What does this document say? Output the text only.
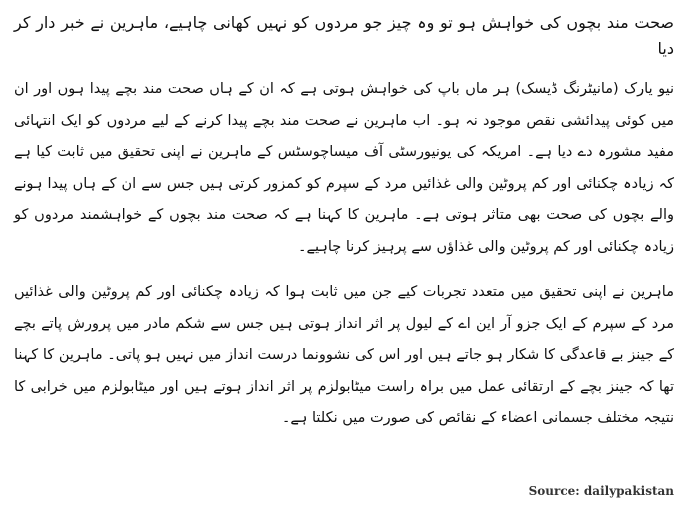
صحت مند بچوں کی خواہش ہو تو وہ چیز جو مردوں کو نہیں کھانی چاہیے، ماہرین نے خبر دار کر دیا

نیو یارک (مانیٹرنگ ڈیسک) ہر ماں باپ کی خواہش ہوتی ہے کہ ان کے ہاں صحت مند بچے پیدا ہوں اور ان میں کوئی پیدائشی نقص موجود نہ ہو۔ اب ماہرین نے صحت مند بچے پیدا کرنے کے لیے مردوں کو ایک انتہائی مفید مشورہ دے دیا ہے۔ امریکہ کی یونیورسٹی آف میساچوسٹس کے ماہرین نے اپنی تحقیق میں ثابت کیا ہے کہ زیادہ چکنائی اور کم پروٹین والی غذائیں مرد کے سپرم کو کمزور کرتی ہیں جس سے ان کے ہاں پیدا ہونے والے بچوں کی صحت بھی متاثر ہوتی ہے۔ ماہرین کا کہنا ہے کہ صحت مند بچوں کے خواہشمند مردوں کو زیادہ چکنائی اور کم پروٹین والی غذاؤں سے پرہیز کرنا چاہیے۔

ماہرین نے اپنی تحقیق میں متعدد تجربات کیے جن میں ثابت ہوا کہ زیادہ چکنائی اور کم پروٹین والی غذائیں مرد کے سپرم کے ایک جزو آر این اے کے لیول پر اثر انداز ہوتی ہیں جس سے شکم مادر میں پرورش پاتے بچے کے جینز بے قاعدگی کا شکار ہو جاتے ہیں اور اس کی نشوونما درست انداز میں نہیں ہو پاتی۔ ماہرین کا کہنا تھا کہ جینز بچے کے ارتقائی عمل میں براہ راست میٹابولزم پر اثر انداز ہوتے ہیں اور میٹابولزم میں خرابی کا نتیجہ مختلف جسمانی اعضاء کے نقائص کی صورت میں نکلتا ہے۔

Source: dailypakistan
